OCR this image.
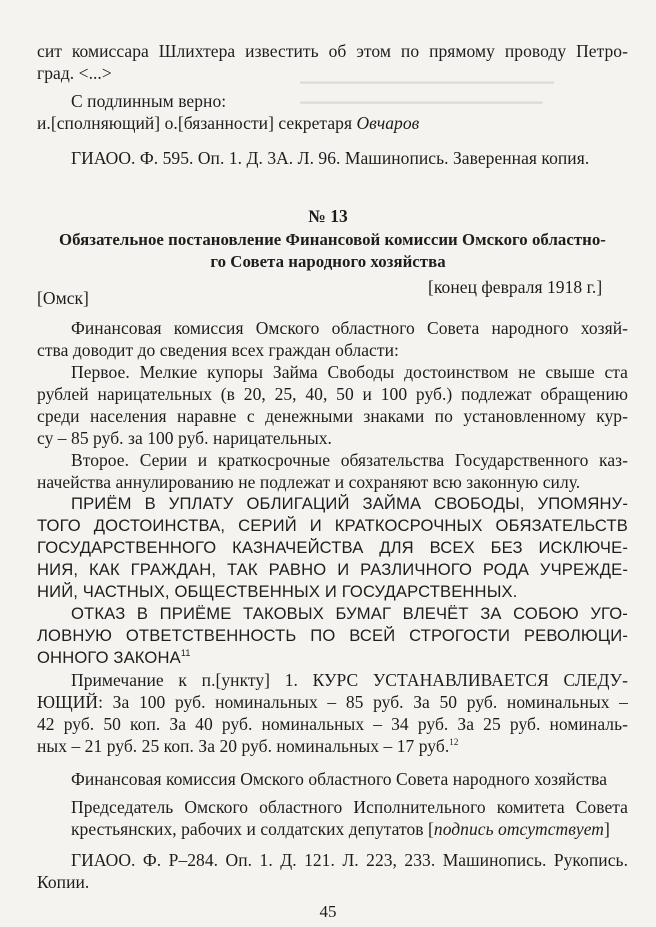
▁▁▁▁▁▁▁▁▁▁▁▁▁▁▁▁▁▁▁▁▁▁
▁▁▁▁▁▁▁▁▁▁▁▁▁▁▁▁▁▁▁▁▁
сит комиссара Шлихтера известить об этом по прямому проводу Петро-
град. <...>
С подлинным верно:
и.[сполняющий] о.[бязанности] секретаря Овчаров
ГИАОО. Ф. 595. Оп. 1. Д. 3А. Л. 96. Машинопись. Заверенная копия.
№ 13
Обязательное постановление Финансовой комиссии Омского областно-
го Совета народного хозяйства
[Омск]
[конец февраля 1918 г.]
Финансовая комиссия Омского областного Совета народного хозяй-
ства доводит до сведения всех граждан области:
Первое. Мелкие купоры Займа Свободы достоинством не свыше ста
рублей нарицательных (в 20, 25, 40, 50 и 100 руб.) подлежат обращению
среди населения наравне с денежными знаками по установленному кур-
су – 85 руб. за 100 руб. нарицательных.
Второе. Серии и краткосрочные обязательства Государственного каз-
начейства аннулированию не подлежат и сохраняют всю законную силу.
ПРИЁМ В УПЛАТУ ОБЛИГАЦИЙ ЗАЙМА СВОБОДЫ, УПОМЯНУ-
ТОГО ДОСТОИНСТВА, СЕРИЙ И КРАТКОСРОЧНЫХ ОБЯЗАТЕЛЬСТВ
ГОСУДАРСТВЕННОГО КАЗНАЧЕЙСТВА ДЛЯ ВСЕХ БЕЗ ИСКЛЮЧЕ-
НИЯ, КАК ГРАЖДАН, ТАК РАВНО И РАЗЛИЧНОГО РОДА УЧРЕЖДЕ-
НИЙ, ЧАСТНЫХ, ОБЩЕСТВЕННЫХ И ГОСУДАРСТВЕННЫХ.
ОТКАЗ В ПРИЁМЕ ТАКОВЫХ БУМАГ ВЛЕЧЁТ ЗА СОБОЮ УГО-
ЛОВНУЮ ОТВЕТСТВЕННОСТЬ ПО ВСЕЙ СТРОГОСТИ РЕВОЛЮЦИ-
ОННОГО ЗАКОНА$^{11}$
Примечание к п.[ункту] 1. КУРС УСТАНАВЛИВАЕТСЯ СЛЕДУ-
ЮЩИЙ: За 100 руб. номинальных – 85 руб. За 50 руб. номинальных –
42 руб. 50 коп. За 40 руб. номинальных – 34 руб. За 25 руб. номиналь-
ных – 21 руб. 25 коп. За 20 руб. номинальных – 17 руб.$^{12}$
Финансовая комиссия Омского областного Совета народного хозяйства
Председатель Омского областного Исполнительного комитета Совета
крестьянских, рабочих и солдатских депутатов [подпись отсутствует]
ГИАОО. Ф. Р–284. Оп. 1. Д. 121. Л. 223, 233. Машинопись. Рукопись.
Копии.
45
